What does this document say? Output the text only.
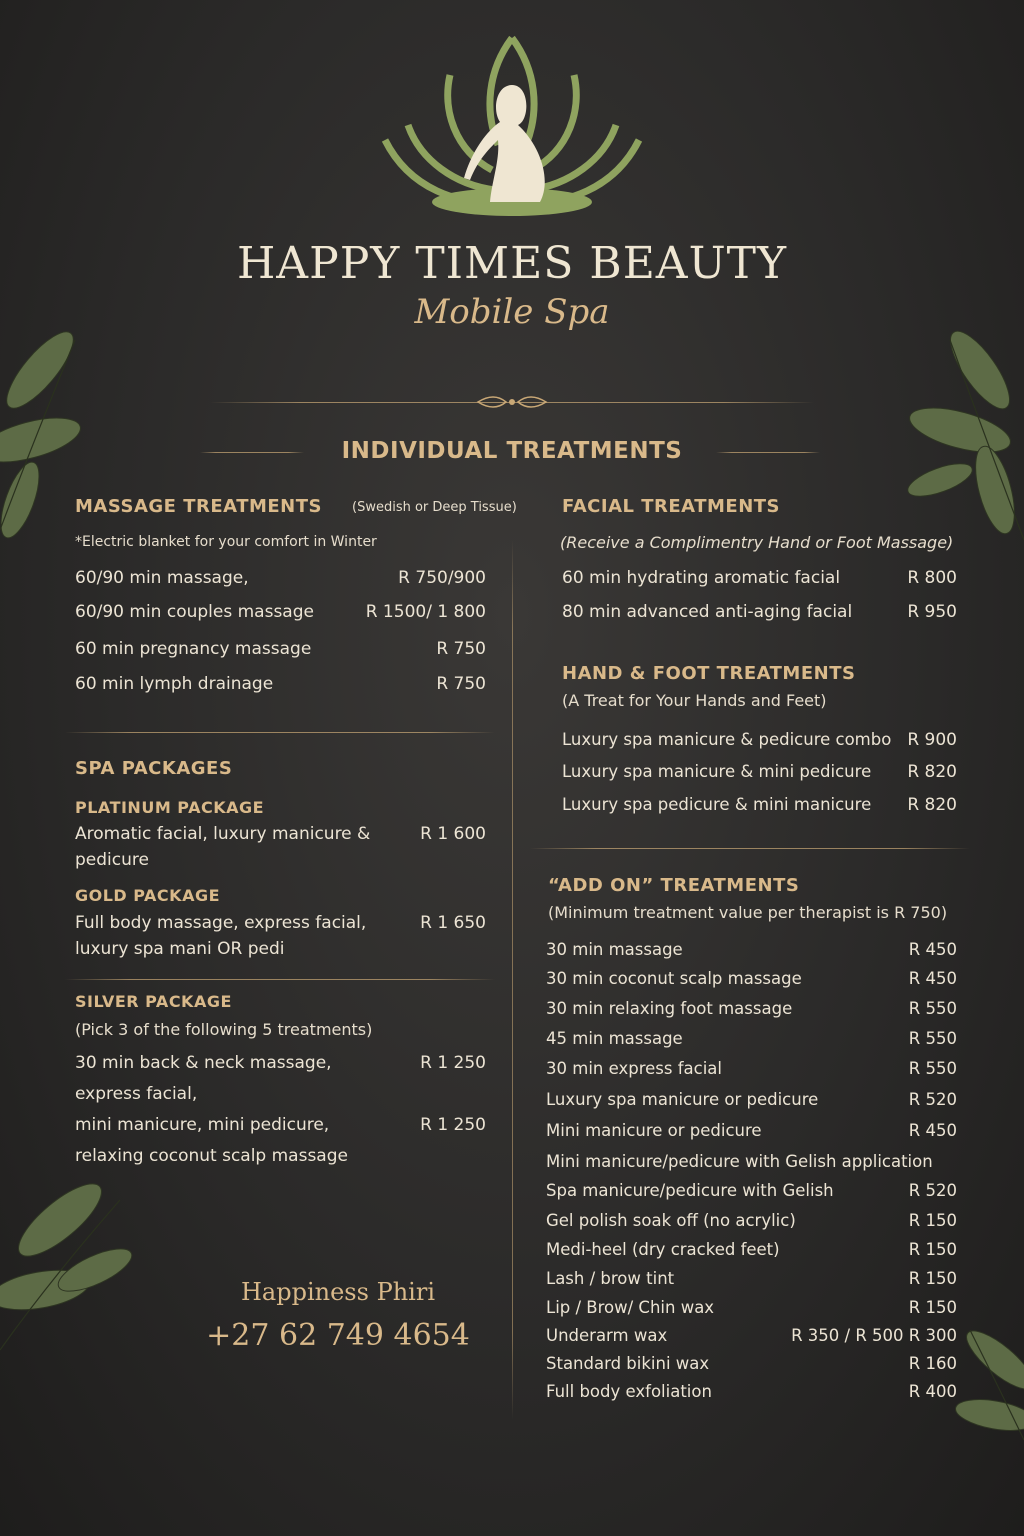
HAPPY TIMES BEAUTY
Mobile Spa
INDIVIDUAL TREATMENTS
MASSAGE TREATMENTS (Swedish or Deep Tissue)
*Electric blanket for your comfort in Winter
60/90 min massage,	R 750/900
60/90 min couples massage	R 1500/ 1 800
60 min pregnancy massage	R 750
60 min lymph drainage	R 750
SPA PACKAGES
PLATINUM PACKAGE
Aromatic facial, luxury manicure &	R 1 600
pedicure
GOLD PACKAGE
Full body massage, express facial,	R 1 650
luxury spa mani OR pedi
SILVER PACKAGE
(Pick 3 of the following 5 treatments)
30 min back & neck massage,	R 1 250
express facial,
mini manicure, mini pedicure,	R 1 250
relaxing coconut scalp massage
Happiness Phiri
+27 62 749 4654
FACIAL TREATMENTS
(Receive a Complimentry Hand or Foot Massage)
60 min hydrating aromatic facial	R 800
80 min advanced anti-aging facial	R 950
HAND & FOOT TREATMENTS
(A Treat for Your Hands and Feet)
Luxury spa manicure & pedicure combo R 900
Luxury spa manicure & mini pedicure	R 820
Luxury spa pedicure & mini manicure	R 820
“ADD ON” TREATMENTS
(Minimum treatment value per therapist is R 750)
30 min massage	R 450
30 min coconut scalp massage	R 450
30 min relaxing foot massage	R 550
45 min massage	R 550
30 min express facial	R 550
Luxury spa manicure or pedicure	R 520
Mini manicure or pedicure	R 450
Mini manicure/pedicure with Gelish application
Spa manicure/pedicure with Gelish	R 520
Gel polish soak off (no acrylic)	R 150
Medi-heel (dry cracked feet)	R 150
Lash / brow tint	R 150
Lip / Brow/ Chin wax	R 150
Underarm wax	R 350 / R 500 R 300
Standard bikini wax	R 160
Full body exfoliation	R 400
